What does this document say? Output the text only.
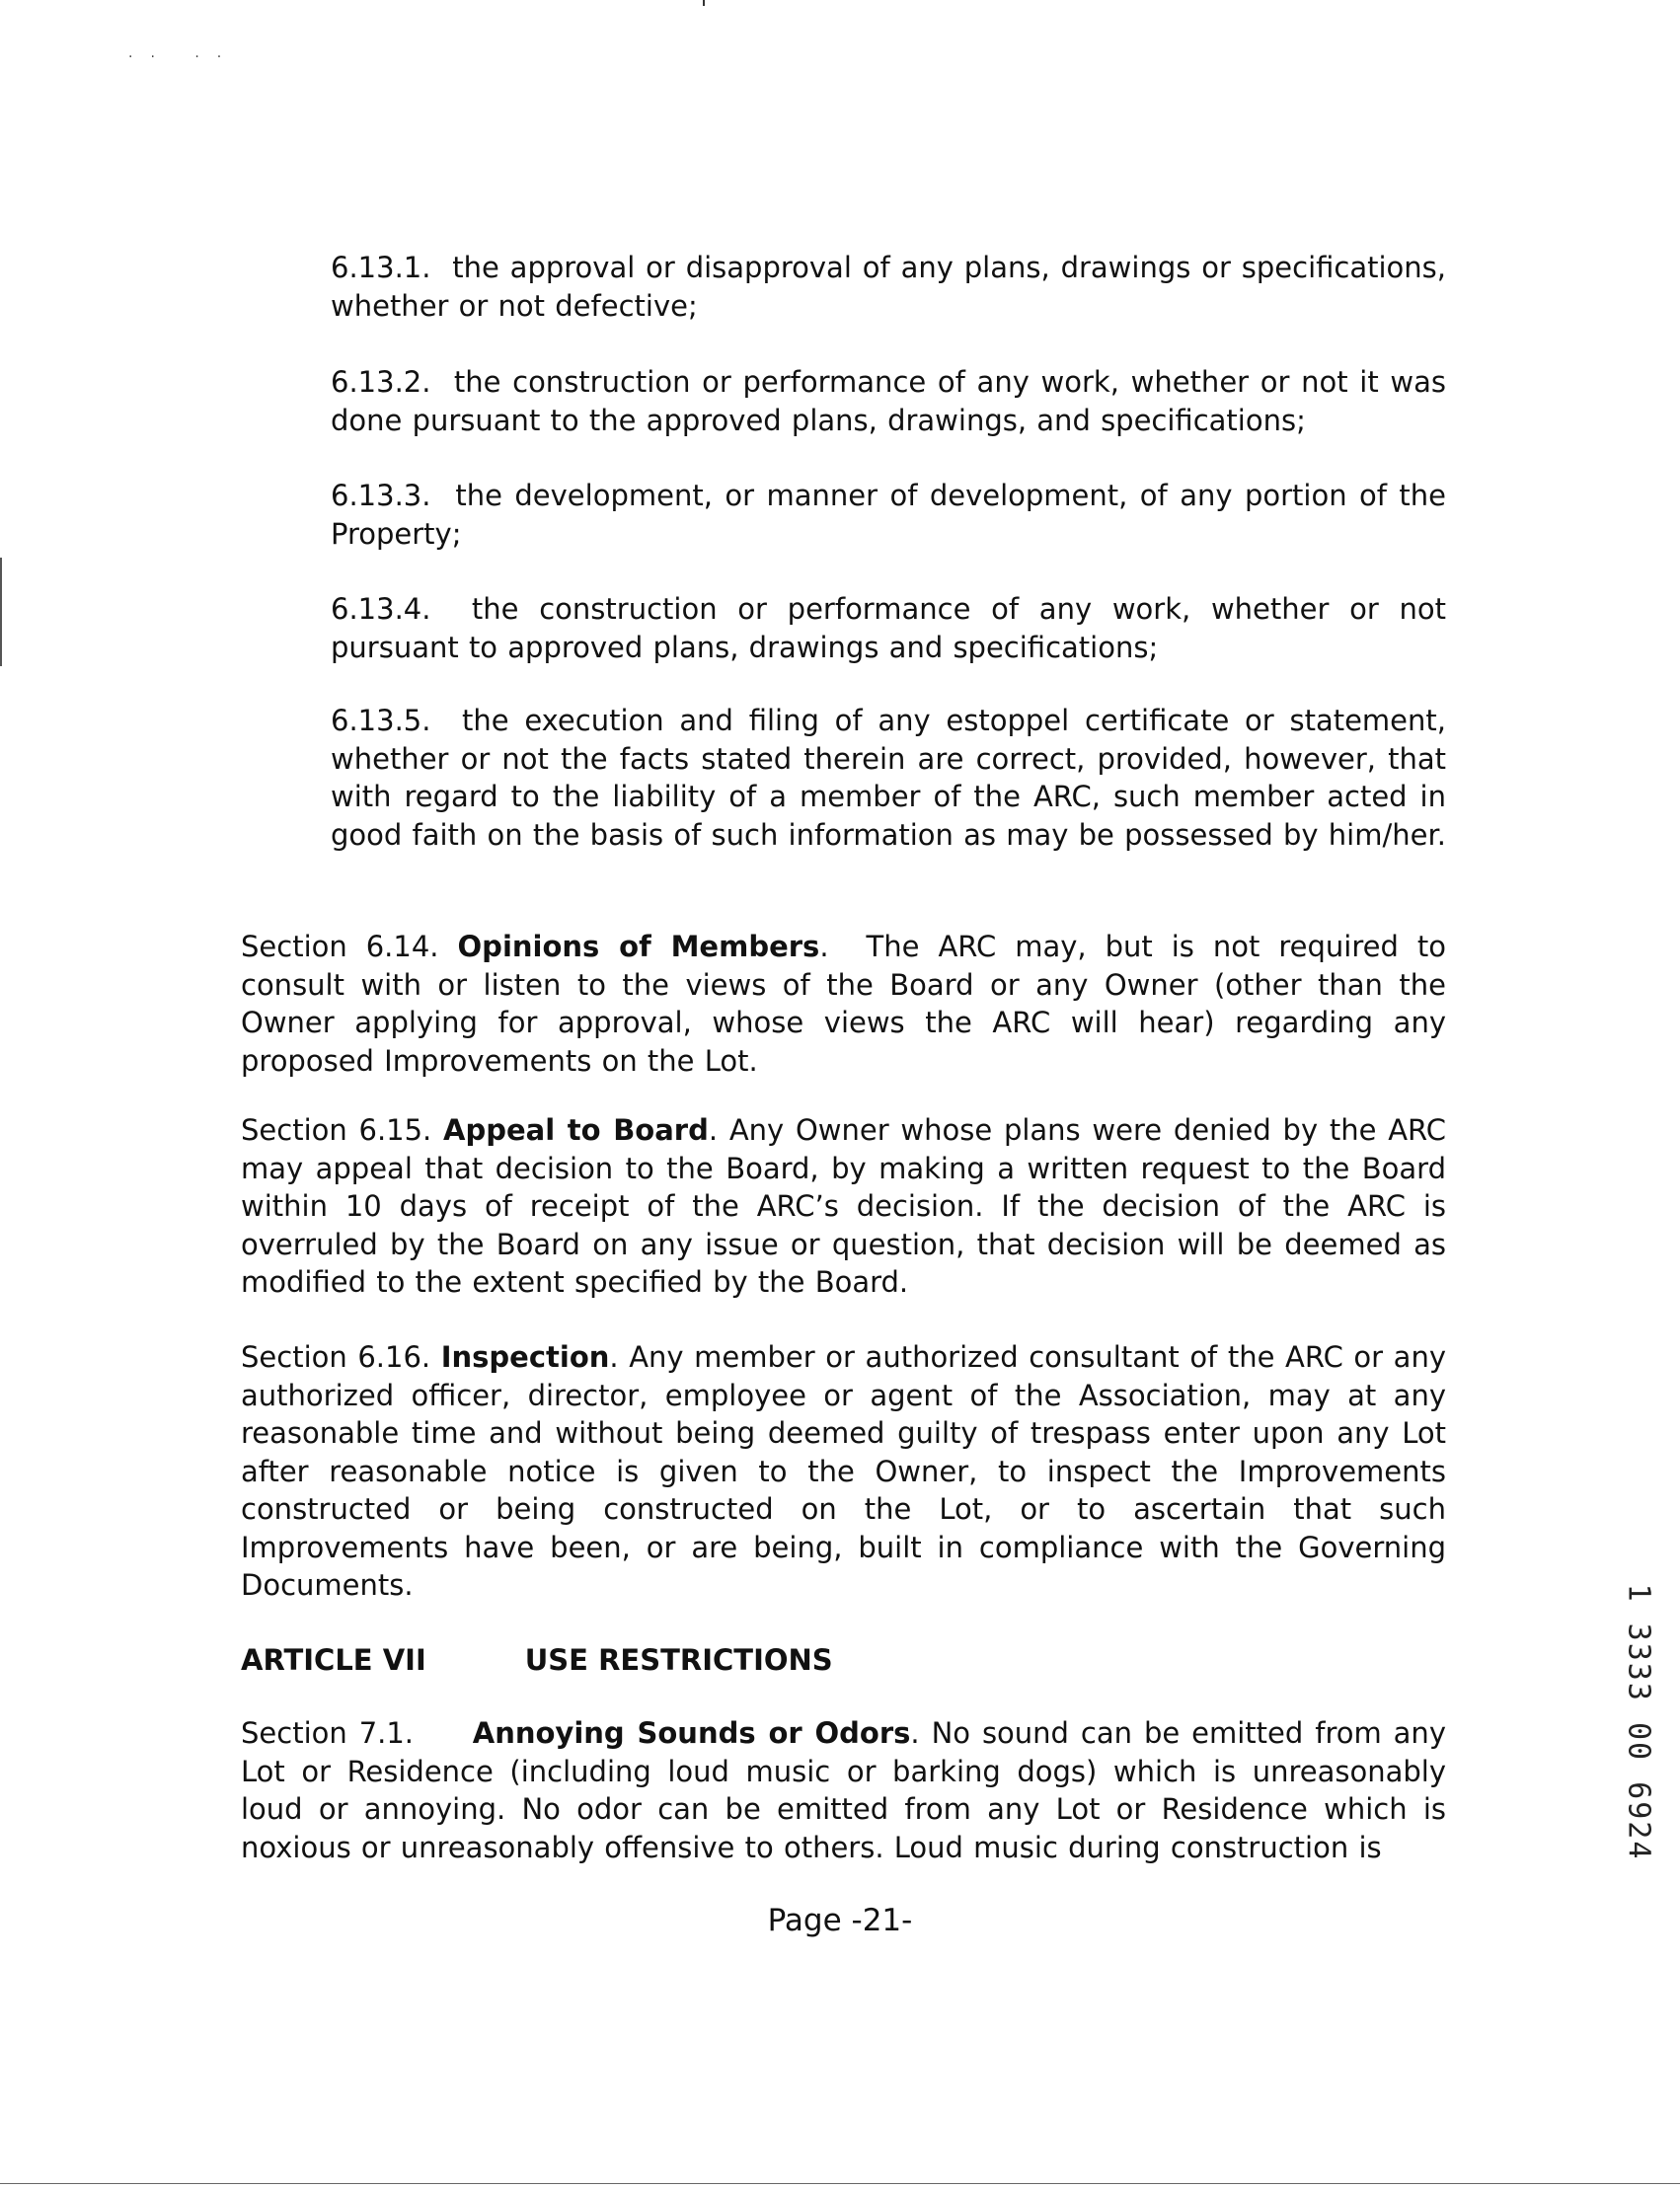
·· ··

6.13.1. the approval or disapproval of any plans, drawings or specifications, whether or not defective;

6.13.2. the construction or performance of any work, whether or not it was done pursuant to the approved plans, drawings, and specifications;

6.13.3. the development, or manner of development, of any portion of the Property;

6.13.4. the construction or performance of any work, whether or not pursuant to approved plans, drawings and specifications;

6.13.5. the execution and filing of any estoppel certificate or statement, whether or not the facts stated therein are correct, provided, however, that with regard to the liability of a member of the ARC, such member acted in good faith on the basis of such information as may be possessed by him/her.

Section 6.14. Opinions of Members.  The ARC may, but is not required to consult with or listen to the views of the Board or any Owner (other than the Owner applying for approval, whose views the ARC will hear) regarding any proposed Improvements on the Lot.

Section 6.15. Appeal to Board. Any Owner whose plans were denied by the ARC may appeal that decision to the Board, by making a written request to the Board within 10 days of receipt of the ARC’s decision. If the decision of the ARC is overruled by the Board on any issue or question, that decision will be deemed as modified to the extent specified by the Board.

Section 6.16. Inspection. Any member or authorized consultant of the ARC or any authorized officer, director, employee or agent of the Association, may at any reasonable time and without being deemed guilty of trespass enter upon any Lot after reasonable notice is given to the Owner, to inspect the Improvements constructed or being constructed on the Lot, or to ascertain that such Improvements have been, or are being, built in compliance with the Governing Documents.

ARTICLE VII	USE RESTRICTIONS

Section 7.1. Annoying Sounds or Odors. No sound can be emitted from any Lot or Residence (including loud music or barking dogs) which is unreasonably loud or annoying. No odor can be emitted from any Lot or Residence which is noxious or unreasonably offensive to others. Loud music during construction is

Page -21-
1 3333 00 6924
